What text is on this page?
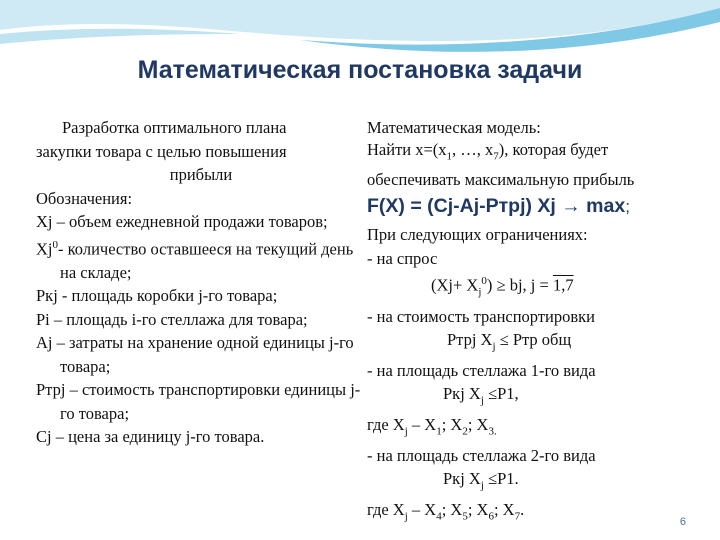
Математическая постановка задачи
Разработка оптимального плана
закупки товара с целью повышения
прибыли
Обозначения:
Xj – объем ежедневной продажи товаров;
Xj$^0$- количество оставшееся на текущий день на складе;
Pкj - площадь коробки j-го товара;
Pi – площадь i-го стеллажа для товара;
Aj – затраты на хранение одной единицы j-го товара;
Pтрj – стоимость транспортировки единицы j-го товара;
Cj – цена за единицу j-го товара.
Математическая модель:
Найти $x=(x_1$, …, $x_7$), которая будет
обеспечивать максимальную прибыль
F(X) = (Cj-Aj-Pтрj) Xj → max;
При следующих ограничениях:
- на спрос
$(Xj+ X_j^0)$ ≥ bj, j = 1,7
- на стоимость транспортировки
Pтрj $X_j$ ≤ Pтр общ
- на площадь стеллажа 1-го вида
Pкj $X_j \le P1$,
где $X_j - X_1$; $X_2$; $X_{3.}$
- на площадь стеллажа 2-го вида
Pкj $X_j \le P1$.
где $X_j - X_4$; $X_5$; $X_6$; $X_7$.
6
